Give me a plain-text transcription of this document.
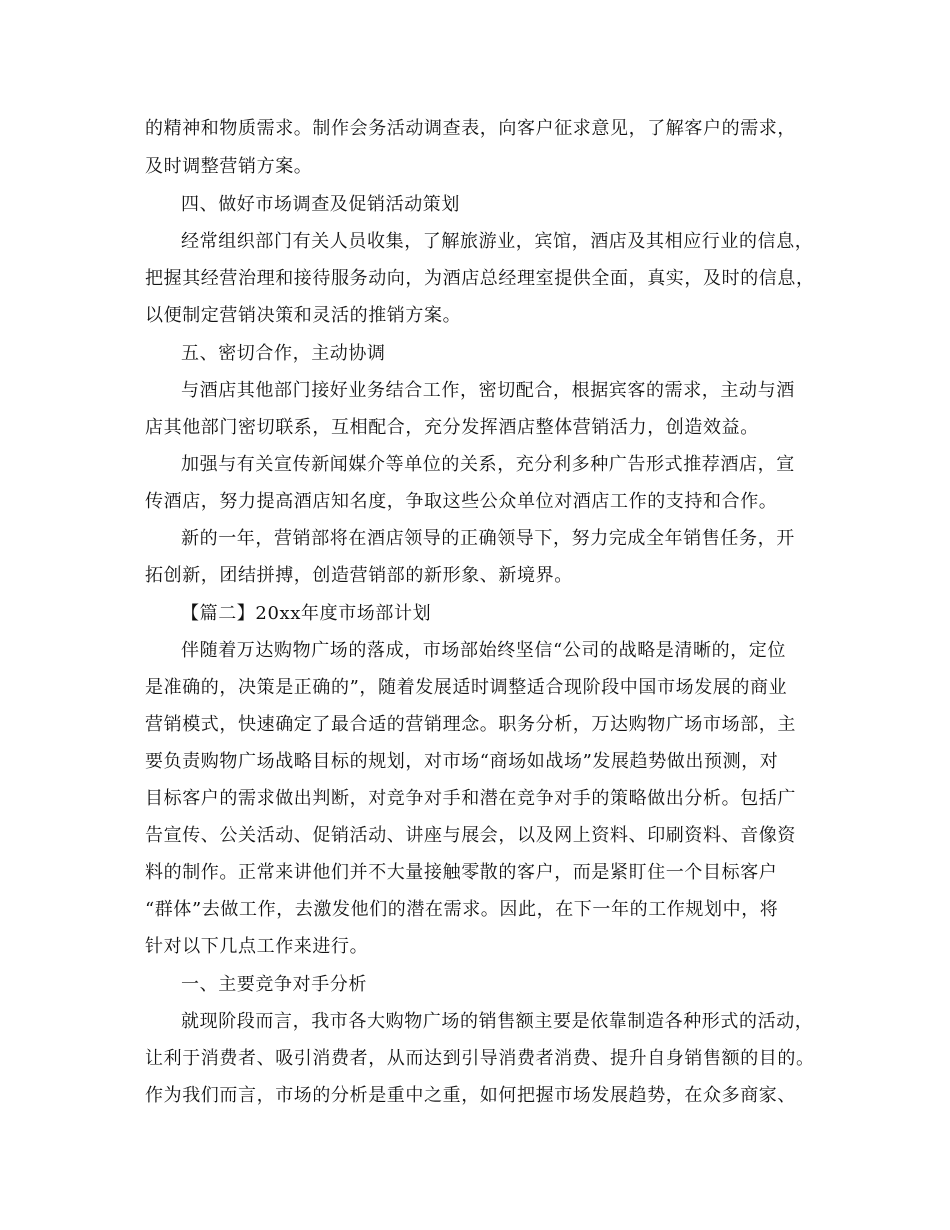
的精神和物质需求。制作会务活动调查表，向客户征求意见，了解客户的需求，
及时调整营销方案。
四、做好市场调查及促销活动策划
经常组织部门有关人员收集，了解旅游业，宾馆，酒店及其相应行业的信息，
把握其经营治理和接待服务动向，为酒店总经理室提供全面，真实，及时的信息，
以便制定营销决策和灵活的推销方案。
五、密切合作，主动协调
与酒店其他部门接好业务结合工作，密切配合，根据宾客的需求，主动与酒
店其他部门密切联系，互相配合，充分发挥酒店整体营销活力，创造效益。
加强与有关宣传新闻媒介等单位的关系，充分利多种广告形式推荐酒店，宣
传酒店，努力提高酒店知名度，争取这些公众单位对酒店工作的支持和合作。
新的一年，营销部将在酒店领导的正确领导下，努力完成全年销售任务，开
拓创新，团结拼搏，创造营销部的新形象、新境界。
【篇二】20xx年度市场部计划
伴随着万达购物广场的落成，市场部始终坚信“公司的战略是清晰的，定位
是准确的，决策是正确的”，随着发展适时调整适合现阶段中国市场发展的商业
营销模式，快速确定了最合适的营销理念。职务分析，万达购物广场市场部，主
要负责购物广场战略目标的规划，对市场“商场如战场”发展趋势做出预测，对
目标客户的需求做出判断，对竞争对手和潜在竞争对手的策略做出分析。包括广
告宣传、公关活动、促销活动、讲座与展会，以及网上资料、印刷资料、音像资
料的制作。正常来讲他们并不大量接触零散的客户，而是紧盯住一个目标客户
“群体”去做工作，去激发他们的潜在需求。因此，在下一年的工作规划中，将
针对以下几点工作来进行。
一、主要竞争对手分析
就现阶段而言，我市各大购物广场的销售额主要是依靠制造各种形式的活动，
让利于消费者、吸引消费者，从而达到引导消费者消费、提升自身销售额的目的。
作为我们而言，市场的分析是重中之重，如何把握市场发展趋势，在众多商家、
